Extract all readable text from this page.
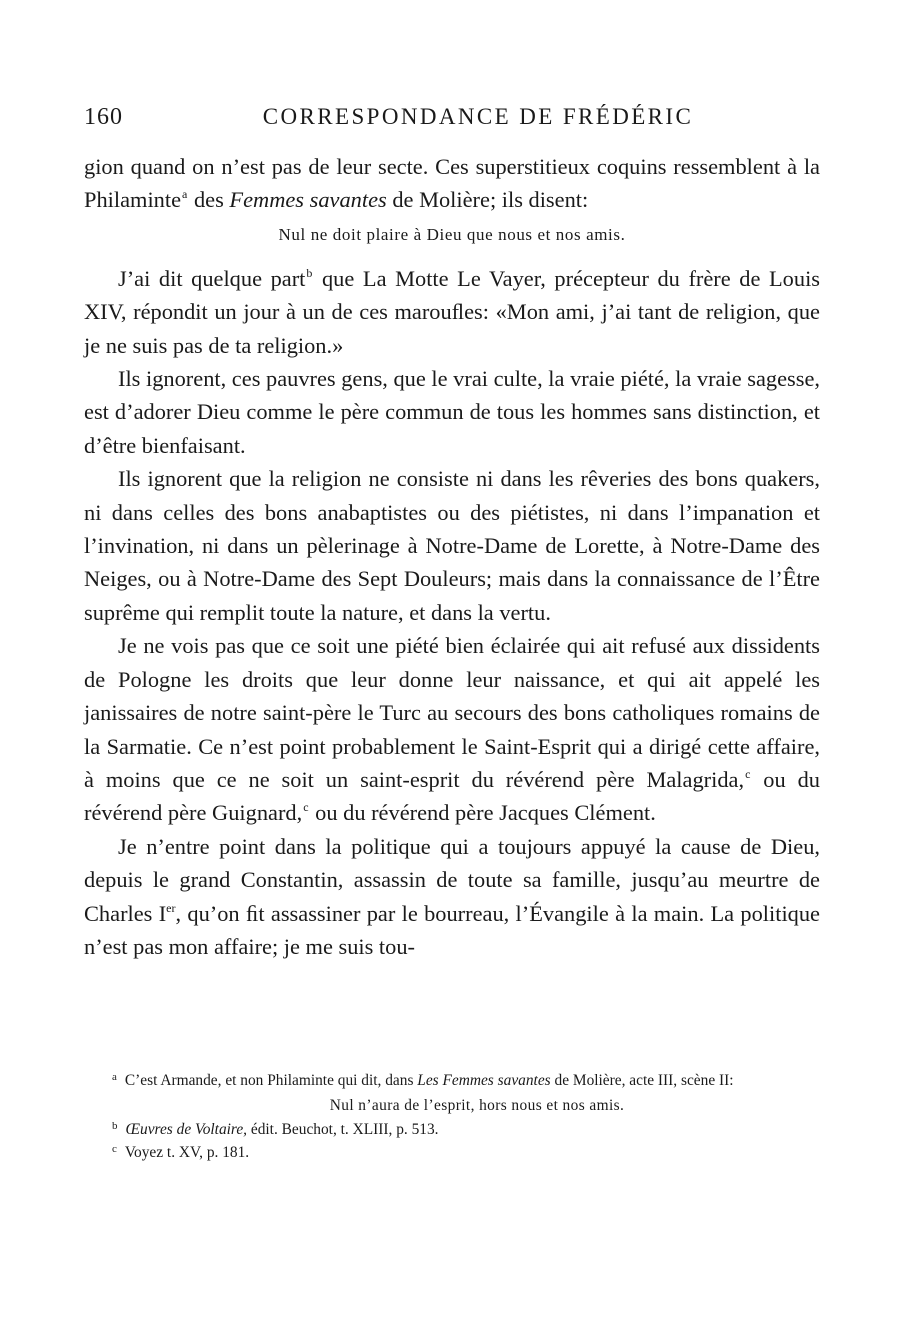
160	CORRESPONDANCE DE FRÉDÉRIC

gion quand on n’est pas de leur secte. Ces superstitieux coquins ressemblent à la Philaminte$^a$ des Femmes savantes de Molière; ils disent:

Nul ne doit plaire à Dieu que nous et nos amis.

J’ai dit quelque part$^b$ que La Motte Le Vayer, précepteur du frère de Louis XIV, répondit un jour à un de ces marouﬂes: «Mon ami, j’ai tant de religion, que je ne suis pas de ta religion.»

Ils ignorent, ces pauvres gens, que le vrai culte, la vraie piété, la vraie sagesse, est d’adorer Dieu comme le père commun de tous les hommes sans distinction, et d’être bienfaisant.

Ils ignorent que la religion ne consiste ni dans les rêveries des bons quakers, ni dans celles des bons anabaptistes ou des piétistes, ni dans l’impanation et l’invination, ni dans un pèlerinage à Notre-Dame de Lorette, à Notre-Dame des Neiges, ou à Notre-Dame des Sept Douleurs; mais dans la connaissance de l’Être suprême qui remplit toute la nature, et dans la vertu.

Je ne vois pas que ce soit une piété bien éclairée qui ait refusé aux dissidents de Pologne les droits que leur donne leur naissance, et qui ait appelé les janissaires de notre saint-père le Turc au secours des bons catholiques romains de la Sarmatie. Ce n’est point probablement le Saint-Esprit qui a dirigé cette affaire, à moins que ce ne soit un saint-esprit du révérend père Malagrida,$^c$ ou du révérend père Guignard,$^c$ ou du révérend père Jacques Clément.

Je n’entre point dans la politique qui a toujours appuyé la cause de Dieu, depuis le grand Constantin, assassin de toute sa famille, jusqu’au meurtre de Charles Ier, qu’on ﬁt assassiner par le bourreau, l’Évangile à la main. La politique n’est pas mon affaire; je me suis tou-

$^a$ C’est Armande, et non Philaminte qui dit, dans Les Femmes savantes de Molière, acte III, scène II:

Nul n’aura de l’esprit, hors nous et nos amis.

$^b$ Œuvres de Voltaire, édit. Beuchot, t. XLIII, p. 513.

$^c$ Voyez t. XV, p. 181.
